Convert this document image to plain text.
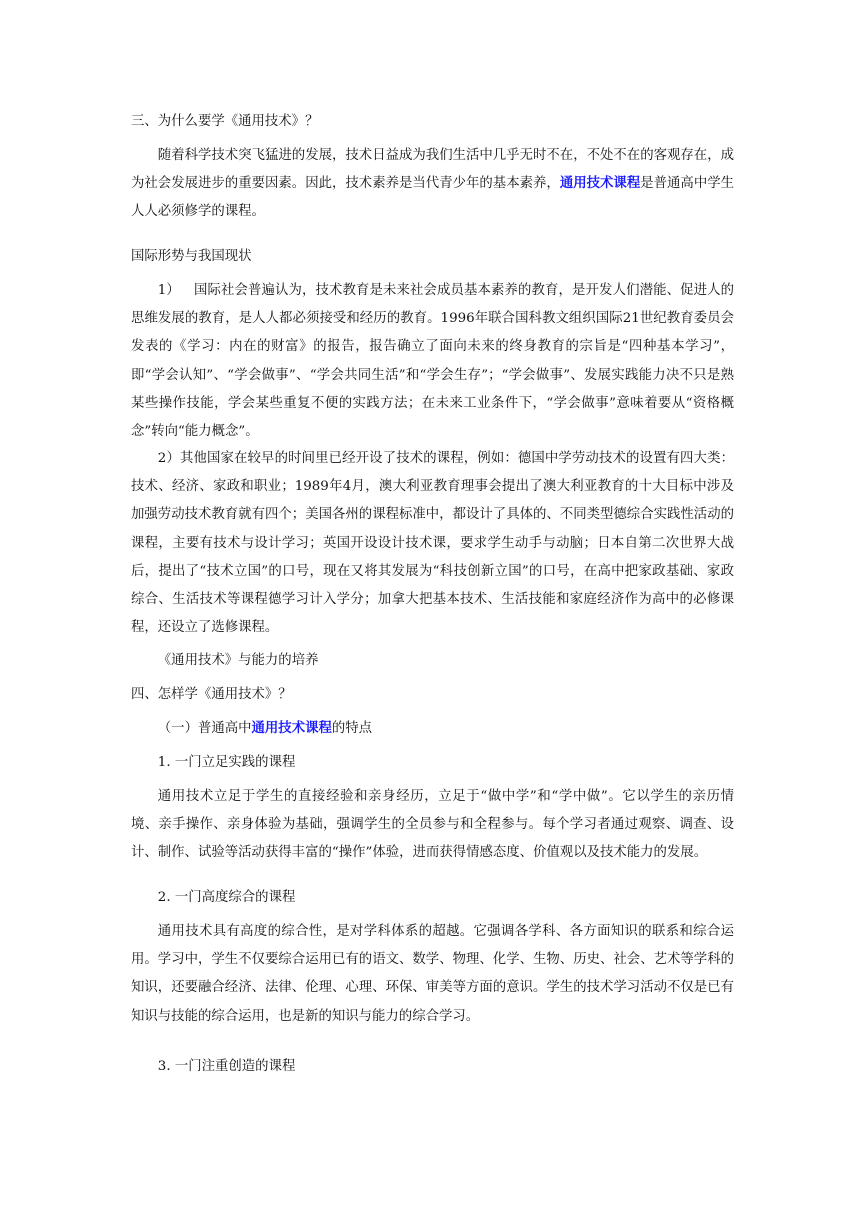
三、为什么要学《通用技术》？
随着科学技术突飞猛进的发展，技术日益成为我们生活中几乎无时不在，不处不在的客观存在，成为社会发展进步的重要因素。因此，技术素养是当代青少年的基本素养，通用技术课程是普通高中学生人人必须修学的课程。
国际形势与我国现状
1） 国际社会普遍认为，技术教育是未来社会成员基本素养的教育，是开发人们潜能、促进人的思维发展的教育，是人人都必须接受和经历的教育。1996年联合国科教文组织国际21世纪教育委员会发表的《学习：内在的财富》的报告，报告确立了面向未来的终身教育的宗旨是“四种基本学习”，即“学会认知”、“学会做事”、“学会共同生活”和“学会生存”；“学会做事”、发展实践能力决不只是熟某些操作技能，学会某些重复不便的实践方法；在未来工业条件下，“学会做事”意味着要从“资格概念”转向“能力概念”。
2）其他国家在较早的时间里已经开设了技术的课程，例如：德国中学劳动技术的设置有四大类：技术、经济、家政和职业；1989年4月，澳大利亚教育理事会提出了澳大利亚教育的十大目标中涉及加强劳动技术教育就有四个；美国各州的课程标准中，都设计了具体的、不同类型德综合实践性活动的课程，主要有技术与设计学习；英国开设设计技术课，要求学生动手与动脑；日本自第二次世界大战后，提出了“技术立国”的口号，现在又将其发展为“科技创新立国”的口号，在高中把家政基础、家政综合、生活技术等课程德学习计入学分；加拿大把基本技术、生活技能和家庭经济作为高中的必修课程，还设立了选修课程。
《通用技术》与能力的培养
四、怎样学《通用技术》？
（一）普通高中通用技术课程的特点
1. 一门立足实践的课程
通用技术立足于学生的直接经验和亲身经历，立足于“做中学”和“学中做”。它以学生的亲历情境、亲手操作、亲身体验为基础，强调学生的全员参与和全程参与。每个学习者通过观察、调查、设计、制作、试验等活动获得丰富的“操作”体验，进而获得情感态度、价值观以及技术能力的发展。
2. 一门高度综合的课程
通用技术具有高度的综合性，是对学科体系的超越。它强调各学科、各方面知识的联系和综合运用。学习中，学生不仅要综合运用已有的语文、数学、物理、化学、生物、历史、社会、艺术等学科的知识，还要融合经济、法律、伦理、心理、环保、审美等方面的意识。学生的技术学习活动不仅是已有知识与技能的综合运用，也是新的知识与能力的综合学习。
3. 一门注重创造的课程
